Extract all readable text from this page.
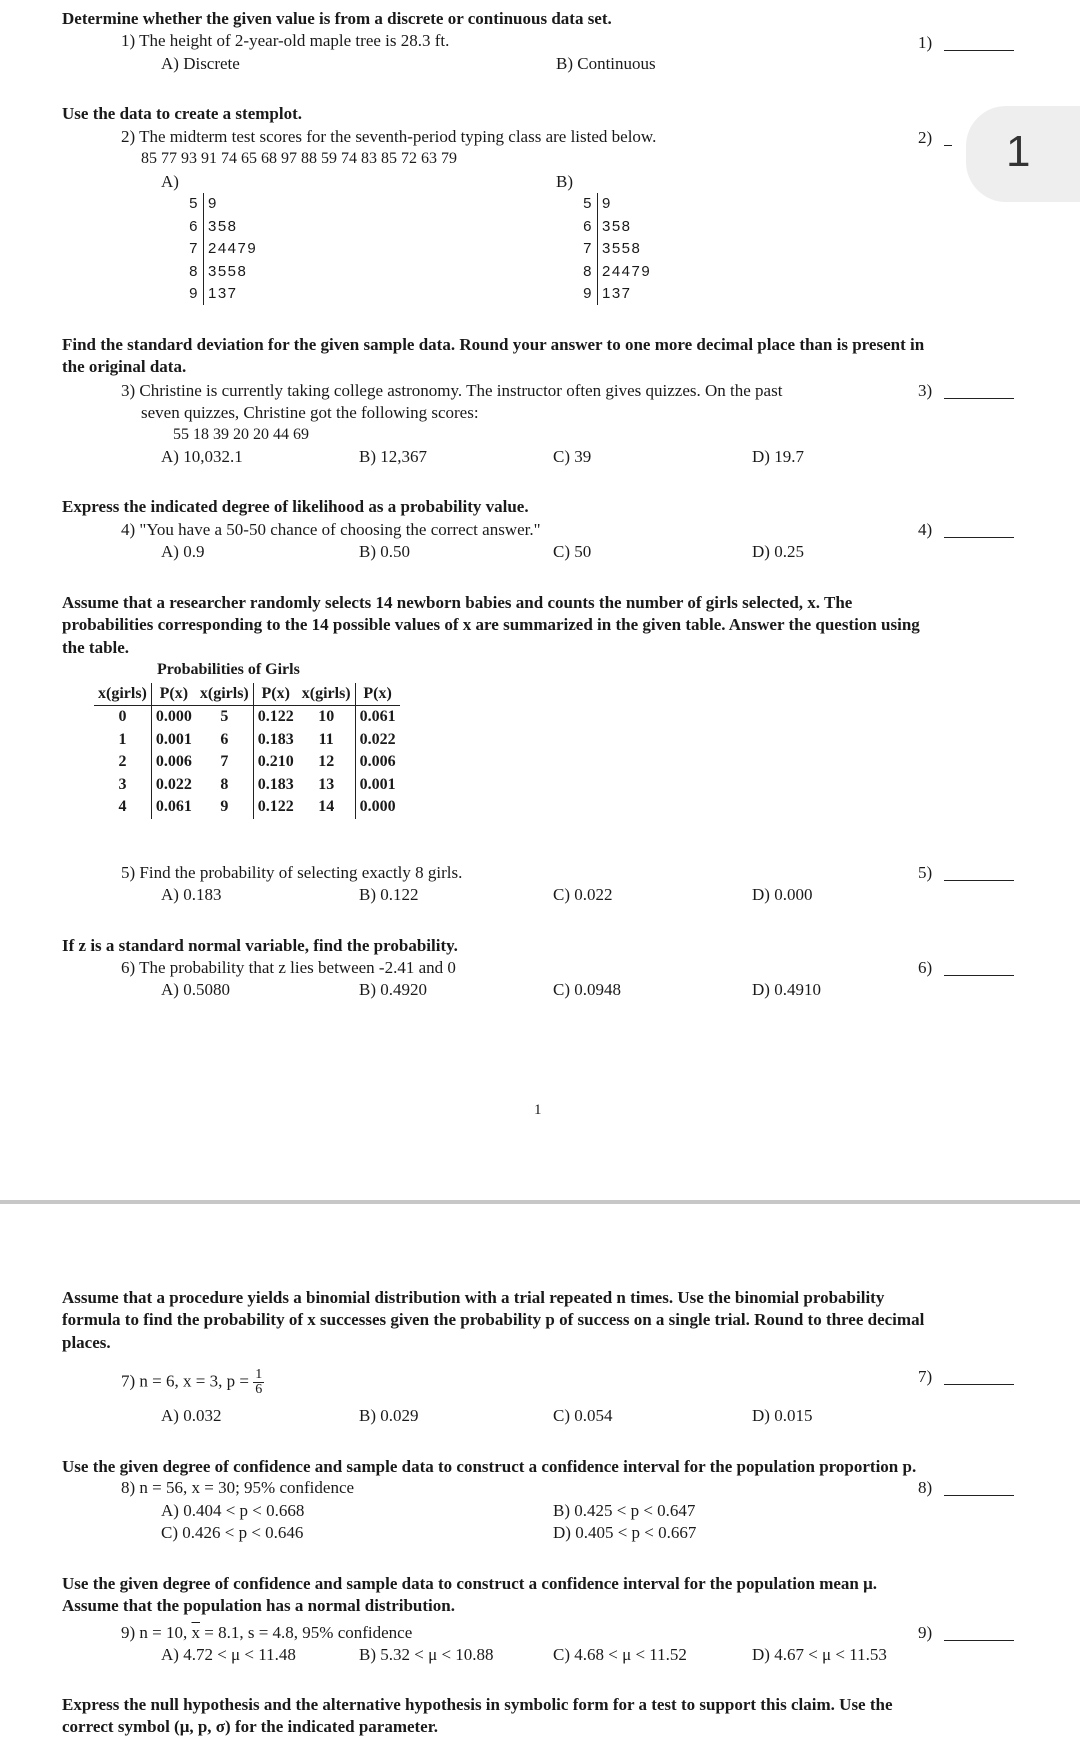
Determine whether the given value is from a discrete or continuous data set.
1) The height of 2-year-old maple tree is 28.3 ft.
A) Discrete	B) Continuous
1)
Use the data to create a stemplot.
2) The midterm test scores for the seventh-period typing class are listed below.
85 77 93 91 74 65 68 97 88 59 74 83 85 72 63 79
A)	B)
2)
5 9
6 358
7 24479
8 3558
9 137
5 9
6 358
7 3558
8 24479
9 137
1
Find the standard deviation for the given sample data. Round your answer to one more decimal place than is present in
the original data.
3) Christine is currently taking college astronomy. The instructor often gives quizzes. On the past
seven quizzes, Christine got the following scores:
55 18 39 20 20 44 69
A) 10,032.1	B) 12,367	C) 39	D) 19.7
3)
Express the indicated degree of likelihood as a probability value.
4) "You have a 50-50 chance of choosing the correct answer."
A) 0.9	B) 0.50	C) 50	D) 0.25
4)
Assume that a researcher randomly selects 14 newborn babies and counts the number of girls selected, x. The
probabilities corresponding to the 14 possible values of x are summarized in the given table. Answer the question using
the table.
Probabilities of Girls
x(girls)	P(x)	x(girls)	P(x)	x(girls)	P(x)
0	0.000	5	0.122	10	0.061
1	0.001	6	0.183	11	0.022
2	0.006	7	0.210	12	0.006
3	0.022	8	0.183	13	0.001
4	0.061	9	0.122	14	0.000
5) Find the probability of selecting exactly 8 girls.
A) 0.183	B) 0.122	C) 0.022	D) 0.000
5)
If z is a standard normal variable, find the probability.
6) The probability that z lies between -2.41 and 0
A) 0.5080	B) 0.4920	C) 0.0948	D) 0.4910
6)
1
Assume that a procedure yields a binomial distribution with a trial repeated n times. Use the binomial probability
formula to find the probability of x successes given the probability p of success on a single trial. Round to three decimal
places.
7) n = 6, x = 3, $p = \frac{1}{6}$
A) 0.032	B) 0.029	C) 0.054	D) 0.015
7)
Use the given degree of confidence and sample data to construct a confidence interval for the population proportion p.
8) n = 56, x = 30; 95% confidence
A) 0.404 < p < 0.668	B) 0.425 < p < 0.647
C) 0.426 < p < 0.646	D) 0.405 < p < 0.667
8)
Use the given degree of confidence and sample data to construct a confidence interval for the population mean μ.
Assume that the population has a normal distribution.
9) n = 10, $\overline{x} = 8.1$, s = 4.8, 95% confidence
A) 4.72 < μ < 11.48	B) 5.32 < μ < 10.88	C) 4.68 < μ < 11.52	D) 4.67 < μ < 11.53
9)
Express the null hypothesis and the alternative hypothesis in symbolic form for a test to support this claim. Use the
correct symbol (μ, p, σ) for the indicated parameter.
